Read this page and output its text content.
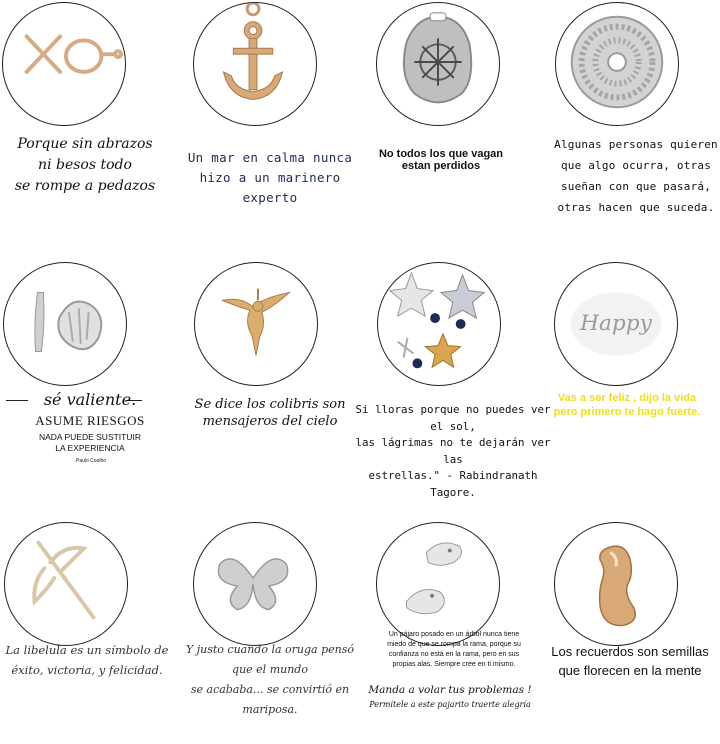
Porque sin abrazos
ni besos todo
se rompe a pedazos
Un mar en calma nunca
hizo a un marinero experto
No todos los que vagan
estan perdidos
Algunas personas quieren
que algo ocurra, otras
sueñan con que pasará,
otras hacen que suceda.
sé valiente.
ASUME RIESGOS
NADA PUEDE SUSTITUIR
LA EXPERIENCIA
Paulo Coelho
Se dice los colibris son
mensajeros del cielo
Si lloras porque no puedes ver el sol,
las lágrimas no te dejarán ver las
estrellas." - Rabindranath Tagore.
Happy
Vas a ser feliz , dijo la vida
pero primero te hago fuerte.
La libelula es un símbolo de
éxito, victoria, y felicidad.
Y justo cuando la oruga pensó que el mundo
se acababa... se convirtió en mariposa.
Un pájaro posado en un árbol nunca tiene
miedo de que se rompa la rama, porque su
confianza no está en la rama, pero en sus
propias alas. Siempre cree en ti mismo.
Manda a volar tus problemas !
Permítele a este pajarito traerte alegría
Los recuerdos son semillas
que florecen en la mente
